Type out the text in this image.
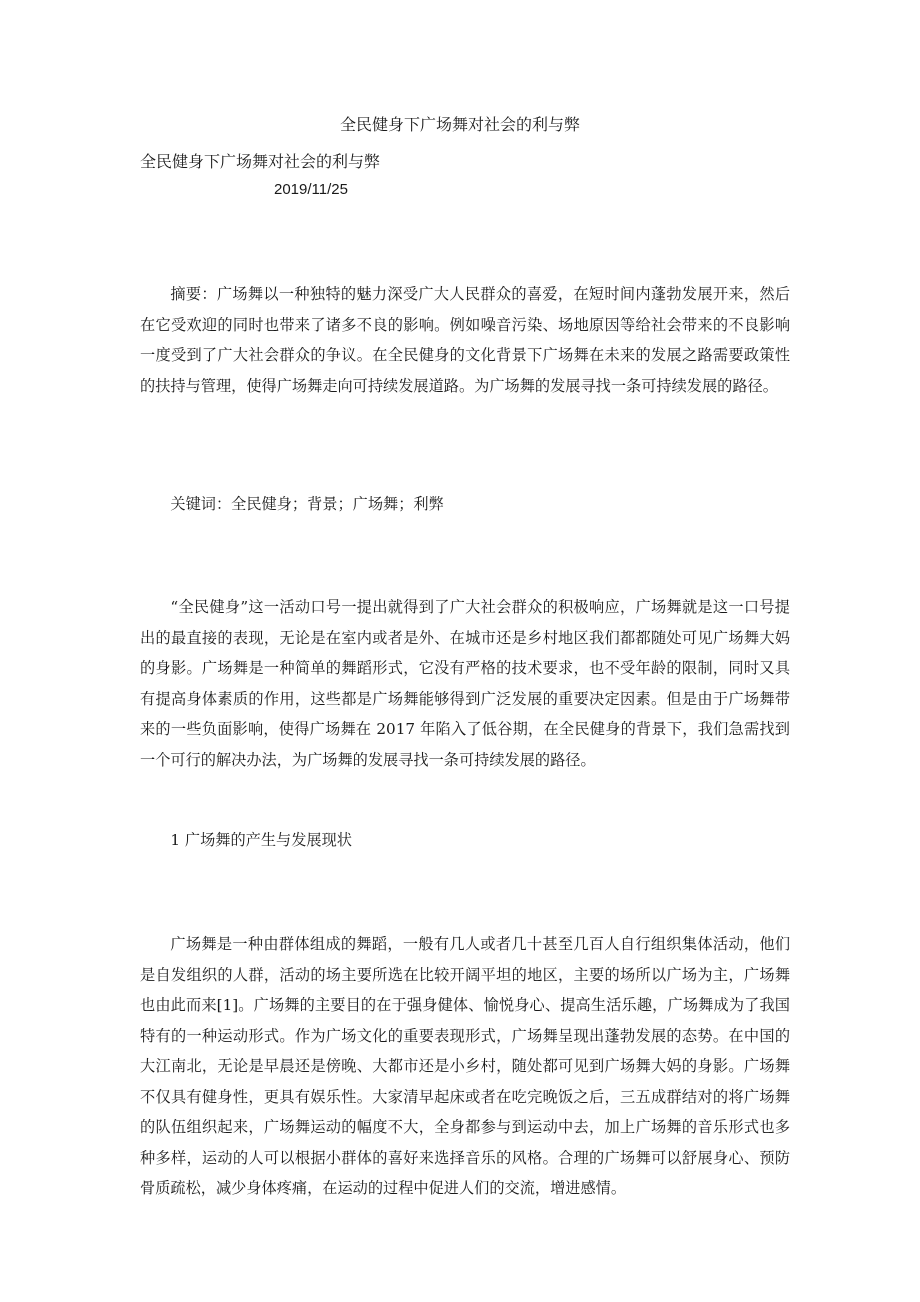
全民健身下广场舞对社会的利与弊
全民健身下广场舞对社会的利与弊
2019/11/25

摘要：广场舞以一种独特的魅力深受广大人民群众的喜爱，在短时间内蓬勃发展开来，然后在它受欢迎的同时也带来了诸多不良的影响。例如噪音污染、场地原因等给社会带来的不良影响一度受到了广大社会群众的争议。在全民健身的文化背景下广场舞在未来的发展之路需要政策性的扶持与管理，使得广场舞走向可持续发展道路。为广场舞的发展寻找一条可持续发展的路径。

关键词：全民健身；背景；广场舞；利弊

“全民健身”这一活动口号一提出就得到了广大社会群众的积极响应，广场舞就是这一口号提出的最直接的表现，无论是在室内或者是外、在城市还是乡村地区我们都都随处可见广场舞大妈的身影。广场舞是一种简单的舞蹈形式，它没有严格的技术要求，也不受年龄的限制，同时又具有提高身体素质的作用，这些都是广场舞能够得到广泛发展的重要决定因素。但是由于广场舞带来的一些负面影响，使得广场舞在 2017 年陷入了低谷期，在全民健身的背景下，我们急需找到一个可行的解决办法，为广场舞的发展寻找一条可持续发展的路径。

1 广场舞的产生与发展现状

广场舞是一种由群体组成的舞蹈，一般有几人或者几十甚至几百人自行组织集体活动，他们是自发组织的人群，活动的场主要所选在比较开阔平坦的地区，主要的场所以广场为主，广场舞也由此而来[1]。广场舞的主要目的在于强身健体、愉悦身心、提高生活乐趣，广场舞成为了我国特有的一种运动形式。作为广场文化的重要表现形式，广场舞呈现出蓬勃发展的态势。在中国的大江南北，无论是早晨还是傍晚、大都市还是小乡村，随处都可见到广场舞大妈的身影。广场舞不仅具有健身性，更具有娱乐性。大家清早起床或者在吃完晚饭之后，三五成群结对的将广场舞的队伍组织起来，广场舞运动的幅度不大，全身都参与到运动中去，加上广场舞的音乐形式也多种多样，运动的人可以根据小群体的喜好来选择音乐的风格。合理的广场舞可以舒展身心、预防骨质疏松，减少身体疼痛，在运动的过程中促进人们的交流，增进感情。
